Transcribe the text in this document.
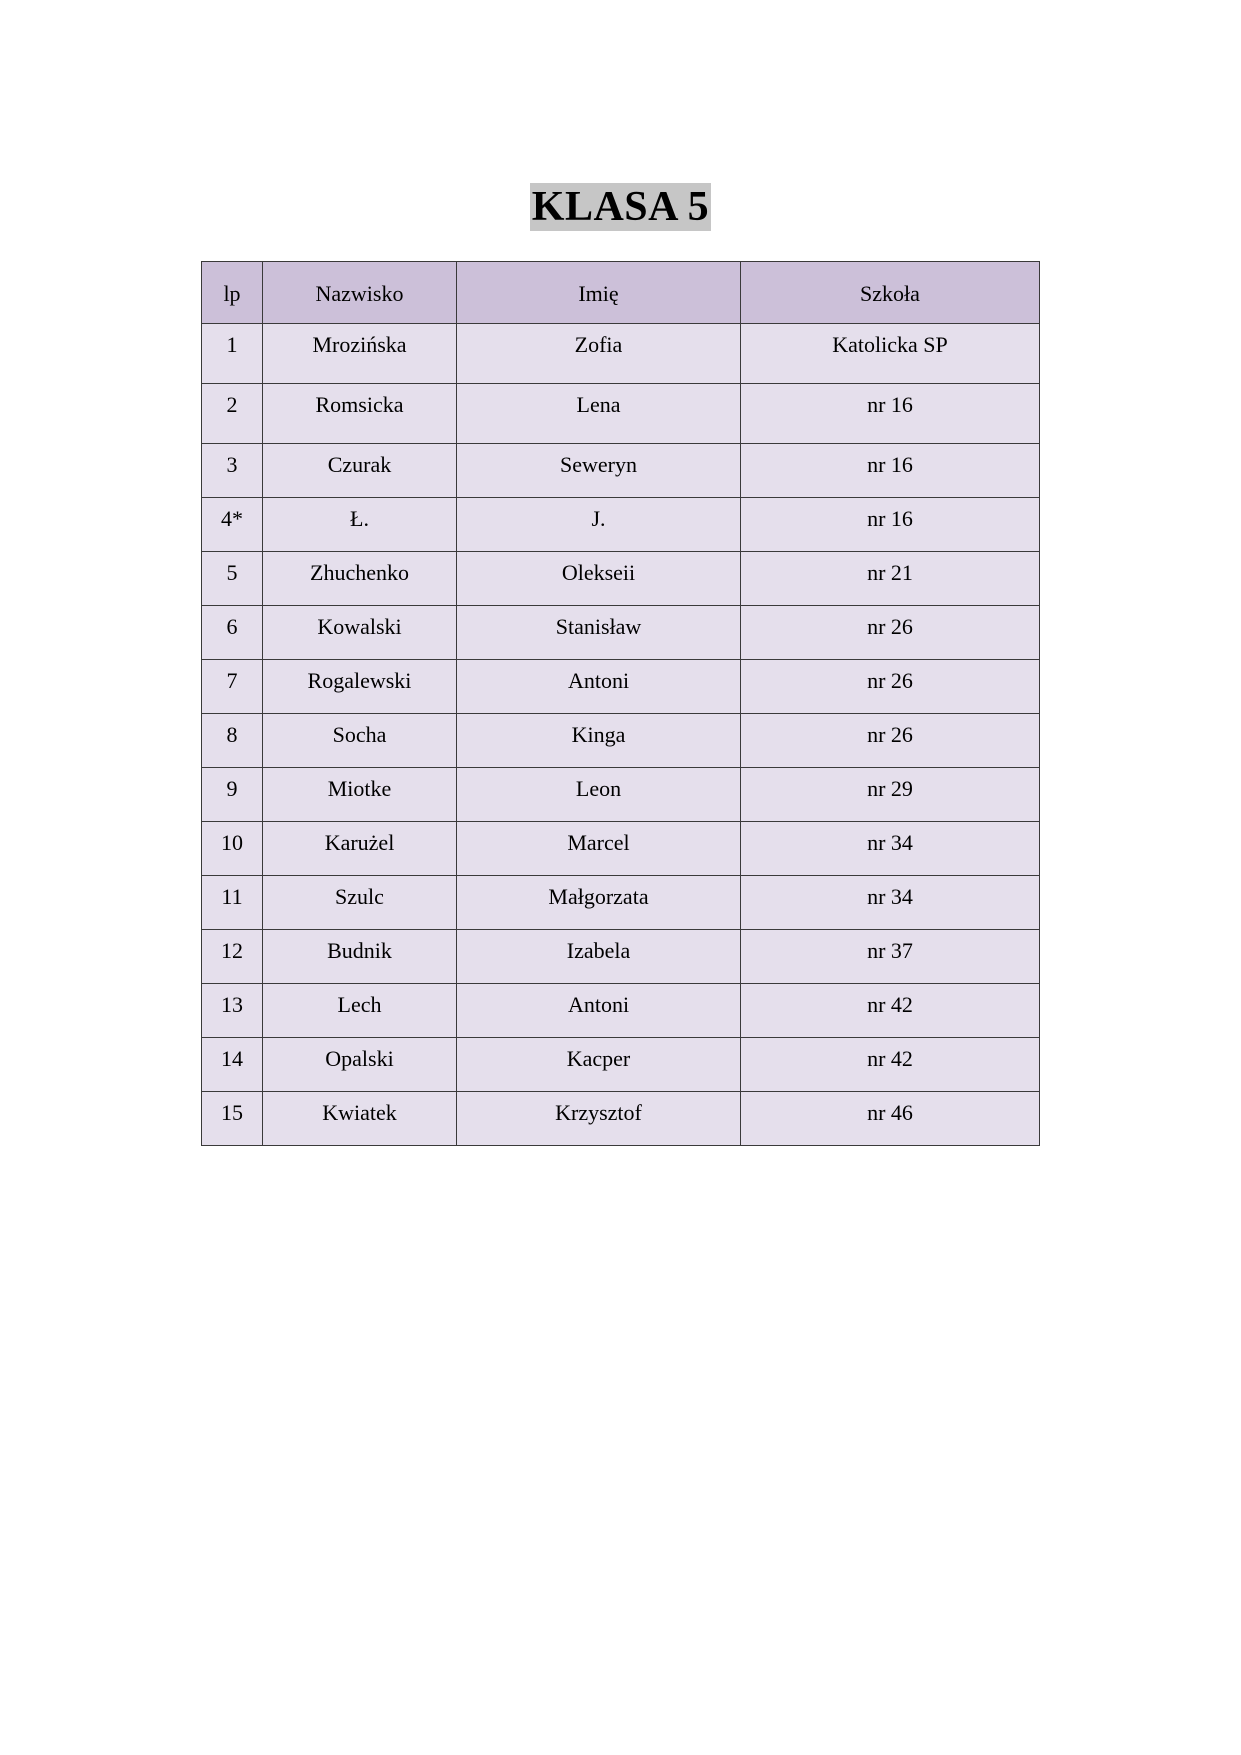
KLASA 5
lp	Nazwisko	Imię	Szkoła
1	Mrozińska	Zofia	Katolicka SP
2	Romsicka	Lena	nr 16
3	Czurak	Seweryn	nr 16
4*	Ł.	J.	nr 16
5	Zhuchenko	Olekseii	nr 21
6	Kowalski	Stanisław	nr 26
7	Rogalewski	Antoni	nr 26
8	Socha	Kinga	nr 26
9	Miotke	Leon	nr 29
10	Karużel	Marcel	nr 34
11	Szulc	Małgorzata	nr 34
12	Budnik	Izabela	nr 37
13	Lech	Antoni	nr 42
14	Opalski	Kacper	nr 42
15	Kwiatek	Krzysztof	nr 46
